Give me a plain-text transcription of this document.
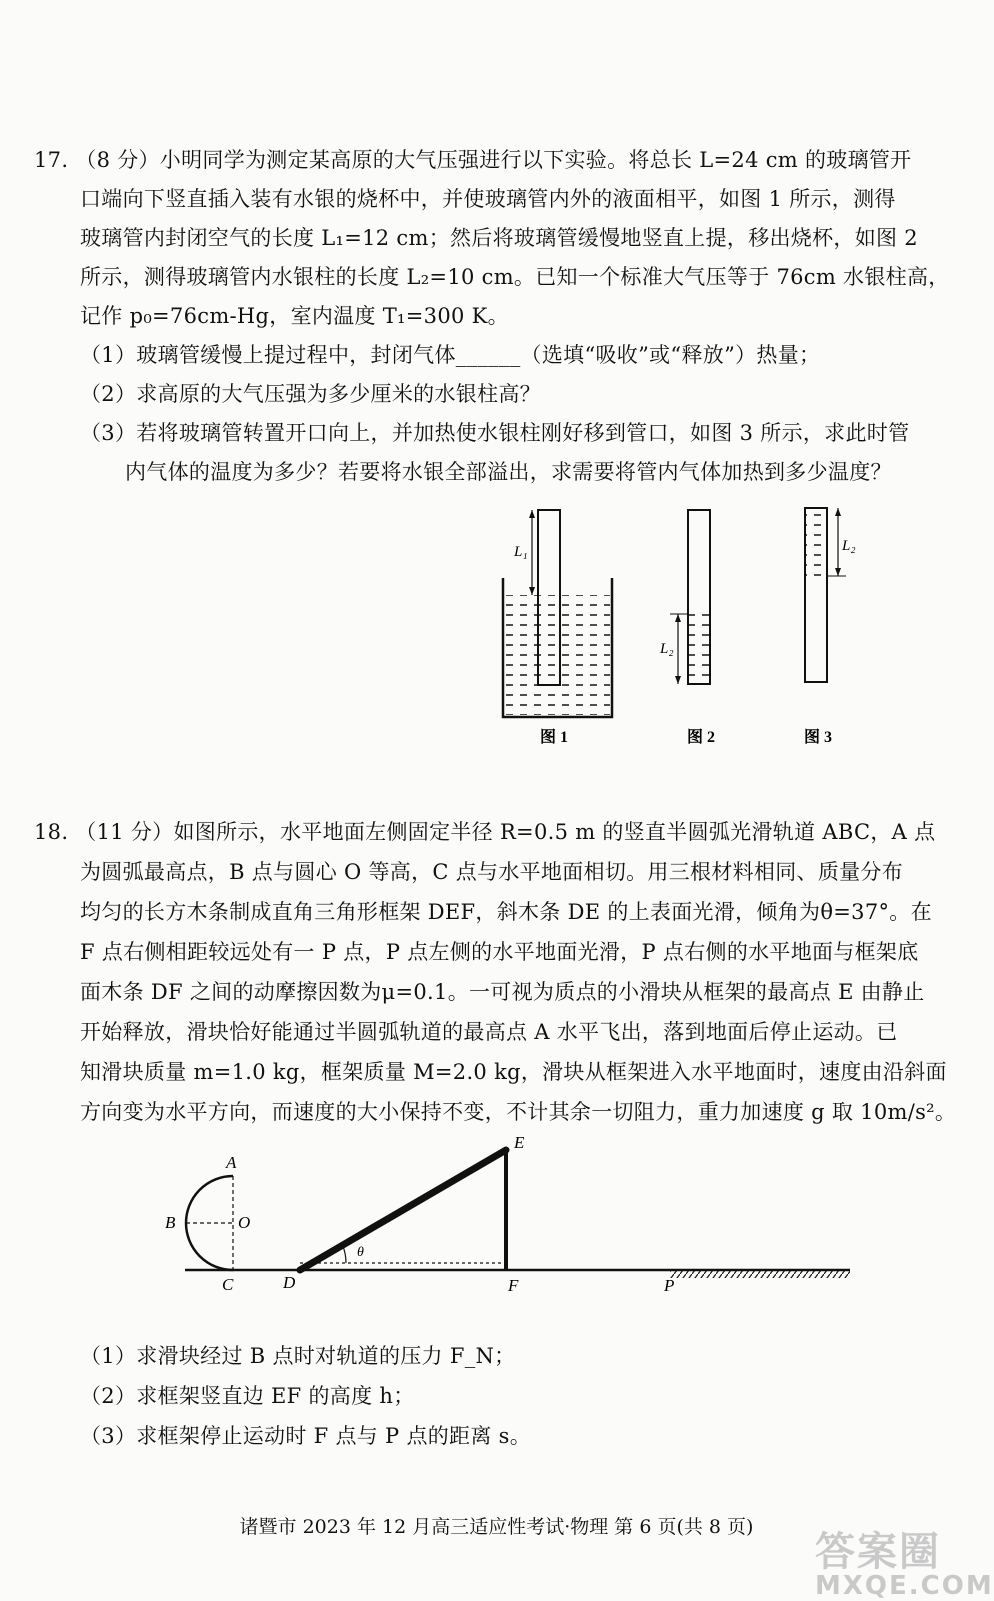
17. （8 分）小明同学为测定某高原的大气压强进行以下实验。将总长 L=24 cm 的玻璃管开
口端向下竖直插入装有水银的烧杯中，并使玻璃管内外的液面相平，如图 1 所示，测得
玻璃管内封闭空气的长度 L₁=12 cm；然后将玻璃管缓慢地竖直上提，移出烧杯，如图 2
所示，测得玻璃管内水银柱的长度 L₂=10 cm。已知一个标准大气压等于 76cm 水银柱高，
记作 p₀=76cm-Hg，室内温度 T₁=300 K。
（1）玻璃管缓慢上提过程中，封闭气体______（选填“吸收”或“释放”）热量；
（2）求高原的大气压强为多少厘米的水银柱高？
（3）若将玻璃管转置开口向上，并加热使水银柱刚好移到管口，如图 3 所示，求此时管
内气体的温度为多少？若要将水银全部溢出，求需要将管内气体加热到多少温度？
L₁
L₂
L₂
图 1	图 2	图 3
18. （11 分）如图所示，水平地面左侧固定半径 R=0.5 m 的竖直半圆弧光滑轨道 ABC，A 点
为圆弧最高点，B 点与圆心 O 等高，C 点与水平地面相切。用三根材料相同、质量分布
均匀的长方木条制成直角三角形框架 DEF，斜木条 DE 的上表面光滑，倾角为θ=37°。在
F 点右侧相距较远处有一 P 点，P 点左侧的水平地面光滑，P 点右侧的水平地面与框架底
面木条 DF 之间的动摩擦因数为μ=0.1。一可视为质点的小滑块从框架的最高点 E 由静止
开始释放，滑块恰好能通过半圆弧轨道的最高点 A 水平飞出，落到地面后停止运动。已
知滑块质量 m=1.0 kg，框架质量 M=2.0 kg，滑块从框架进入水平地面时，速度由沿斜面
方向变为水平方向，而速度的大小保持不变，不计其余一切阻力，重力加速度 g 取 10m/s²。
A
B	O
C	D
E
F	P
θ
（1）求滑块经过 B 点时对轨道的压力 F_N；
（2）求框架竖直边 EF 的高度 h；
（3）求框架停止运动时 F 点与 P 点的距离 s。
诸暨市 2023 年 12 月高三适应性考试·物理 第 6 页(共 8 页)
答案圈
MXQE.COM
